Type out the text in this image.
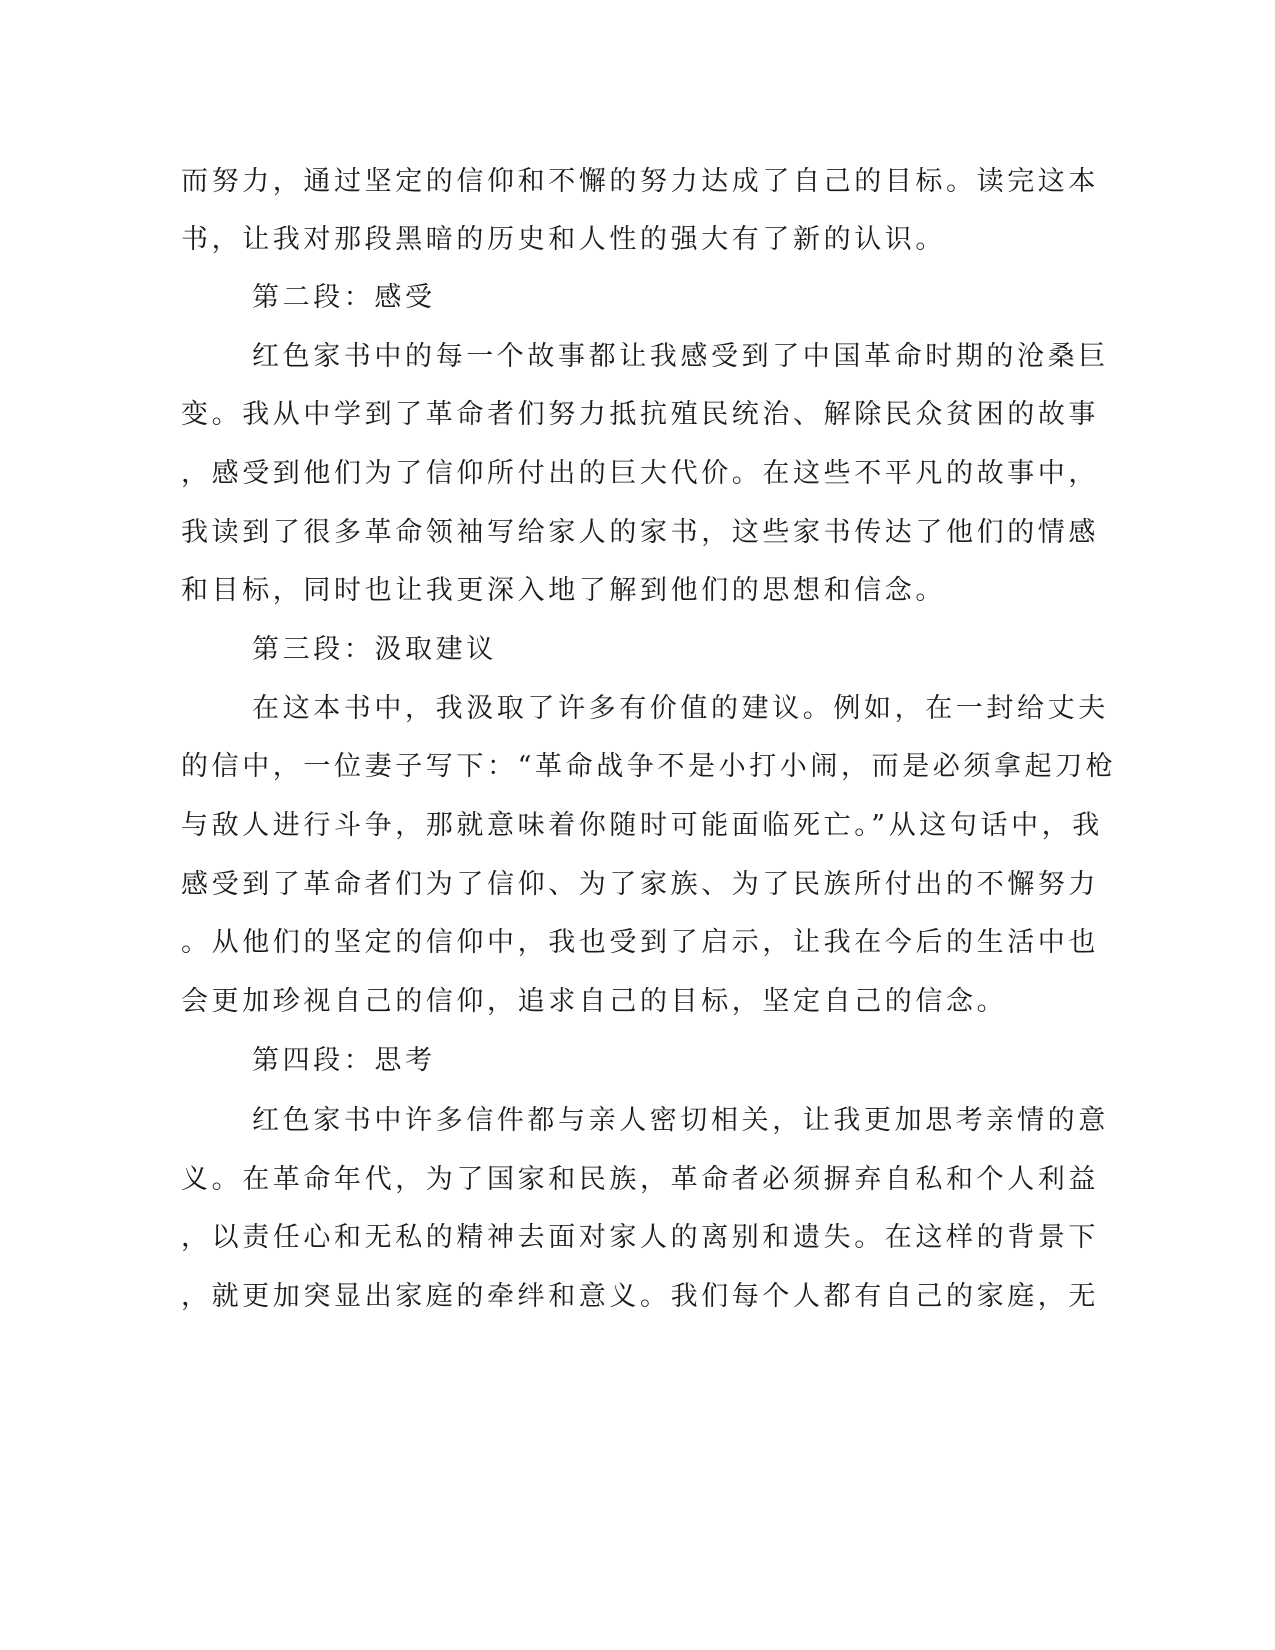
而努力，通过坚定的信仰和不懈的努力达成了自己的目标。读完这本
书，让我对那段黑暗的历史和人性的强大有了新的认识。
第二段：感受
红色家书中的每一个故事都让我感受到了中国革命时期的沧桑巨
变。我从中学到了革命者们努力抵抗殖民统治、解除民众贫困的故事
，感受到他们为了信仰所付出的巨大代价。在这些不平凡的故事中，
我读到了很多革命领袖写给家人的家书，这些家书传达了他们的情感
和目标，同时也让我更深入地了解到他们的思想和信念。
第三段：汲取建议
在这本书中，我汲取了许多有价值的建议。例如，在一封给丈夫
的信中，一位妻子写下：“革命战争不是小打小闹，而是必须拿起刀枪
与敌人进行斗争，那就意味着你随时可能面临死亡。”从这句话中，我
感受到了革命者们为了信仰、为了家族、为了民族所付出的不懈努力
。从他们的坚定的信仰中，我也受到了启示，让我在今后的生活中也
会更加珍视自己的信仰，追求自己的目标，坚定自己的信念。
第四段：思考
红色家书中许多信件都与亲人密切相关，让我更加思考亲情的意
义。在革命年代，为了国家和民族，革命者必须摒弃自私和个人利益
，以责任心和无私的精神去面对家人的离别和遗失。在这样的背景下
，就更加突显出家庭的牵绊和意义。我们每个人都有自己的家庭，无
